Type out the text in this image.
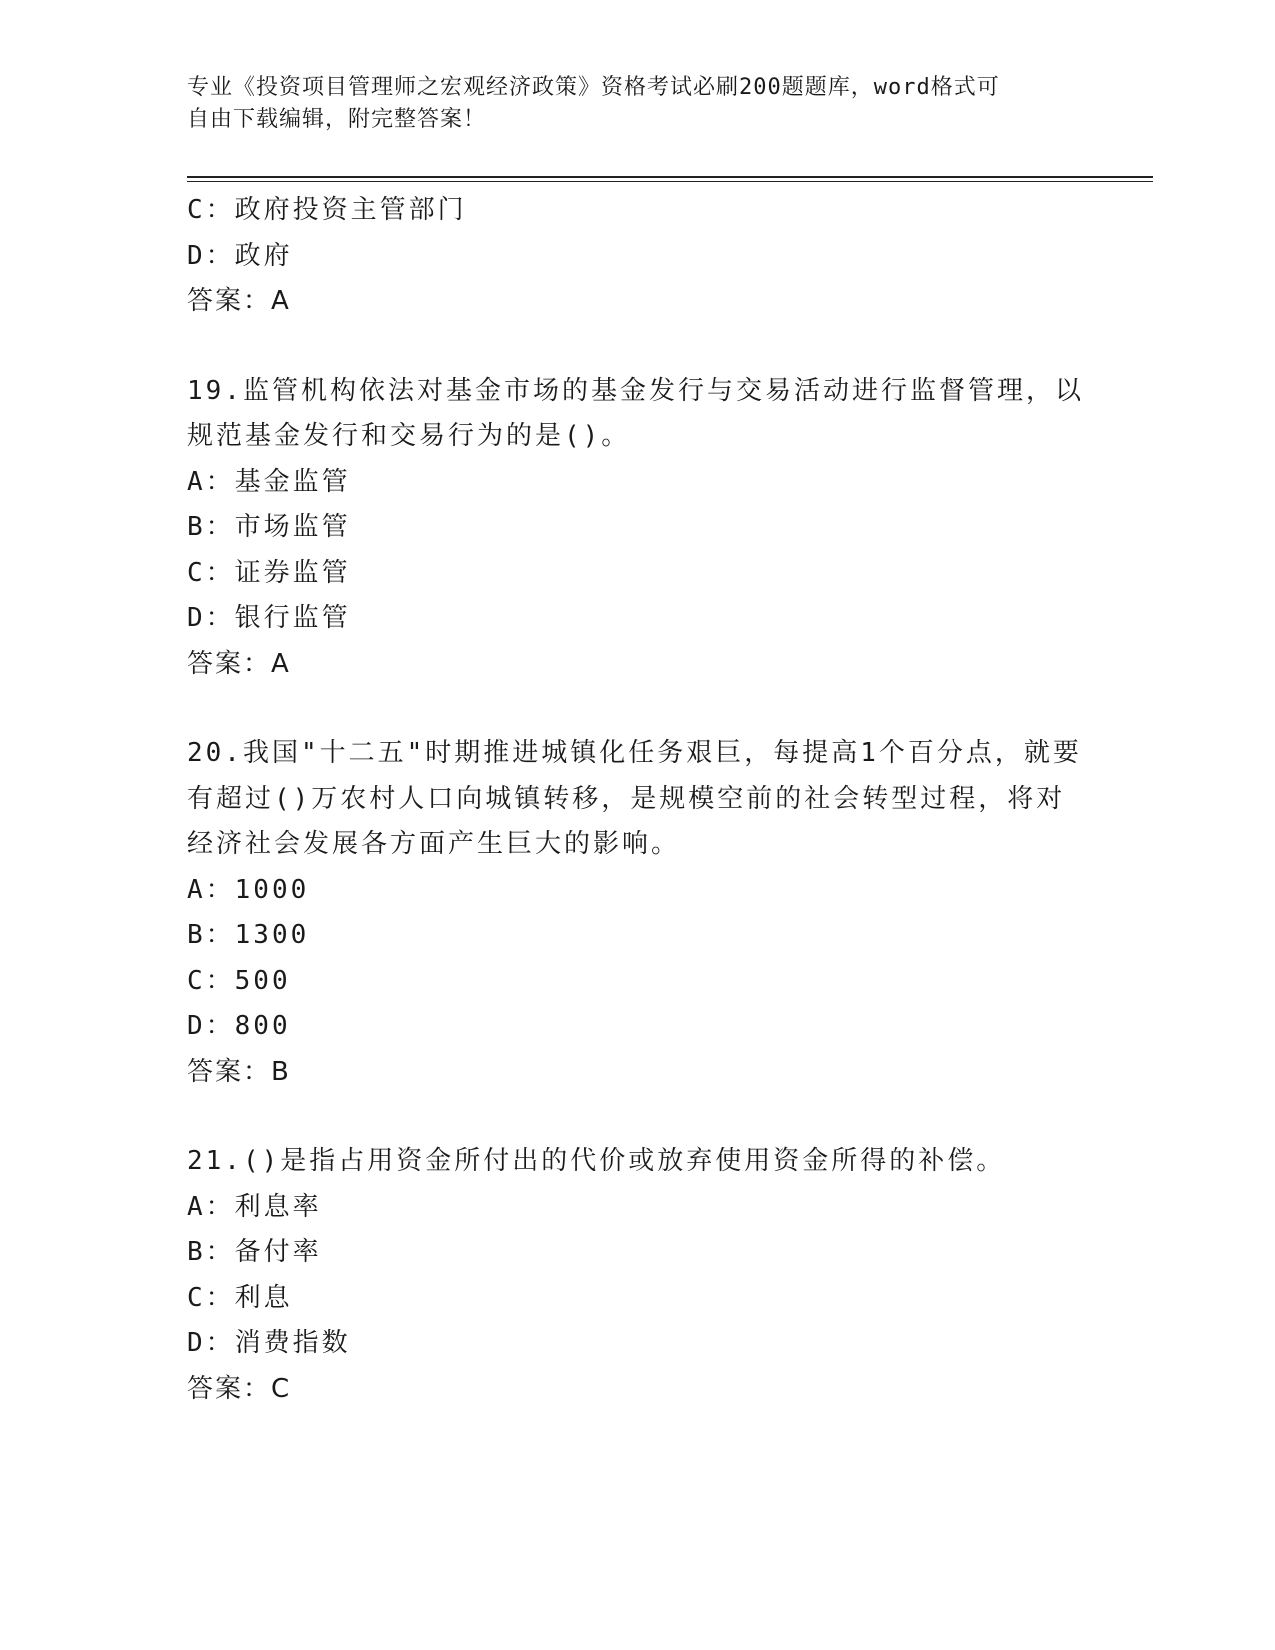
专业《投资项目管理师之宏观经济政策》资格考试必刷200题题库，word格式可
自由下载编辑，附完整答案！
C：政府投资主管部门
D：政府
答案：A
19.监管机构依法对基金市场的基金发行与交易活动进行监督管理，以
规范基金发行和交易行为的是()。
A：基金监管
B：市场监管
C：证券监管
D：银行监管
答案：A
20.我国"十二五"时期推进城镇化任务艰巨，每提高1个百分点，就要
有超过()万农村人口向城镇转移，是规模空前的社会转型过程，将对
经济社会发展各方面产生巨大的影响。
A：1000
B：1300
C：500
D：800
答案：B
21.()是指占用资金所付出的代价或放弃使用资金所得的补偿。
A：利息率
B：备付率
C：利息
D：消费指数
答案：C
